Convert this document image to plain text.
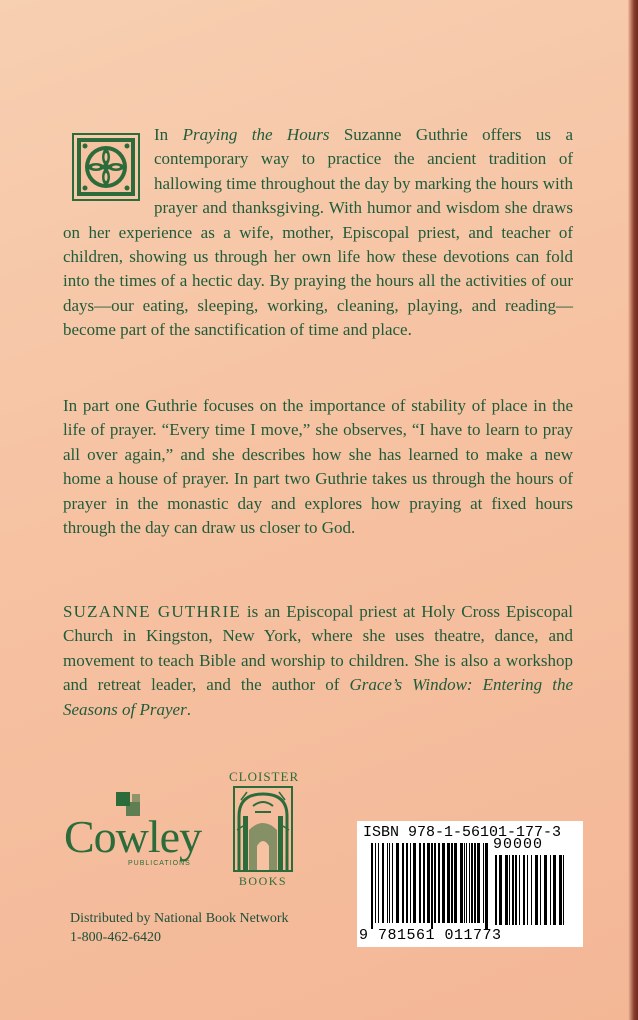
In Praying the Hours Suzanne Guthrie offers us a contemporary way to practice the ancient tradition of hallowing time throughout the day by marking the hours with prayer and thanksgiving. With humor and wisdom she draws on her experience as a wife, mother, Episcopal priest, and teacher of children, showing us through her own life how these devotions can fold into the times of a hectic day. By praying the hours all the activities of our days—our eating, sleeping, working, cleaning, playing, and reading—become part of the sanctification of time and place.

In part one Guthrie focuses on the importance of stability of place in the life of prayer. “Every time I move,” she observes, “I have to learn to pray all over again,” and she describes how she has learned to make a new home a house of prayer. In part two Guthrie takes us through the hours of prayer in the monastic day and explores how praying at fixed hours through the day can draw us closer to God.

SUZANNE GUTHRIE is an Episcopal priest at Holy Cross Episcopal Church in Kingston, New York, where she uses theatre, dance, and movement to teach Bible and worship to children. She is also a workshop and retreat leader, and the author of Grace’s Window: Entering the Seasons of Prayer.

Cowley
PUBLICATIONS
CLOISTER
BOOKS
Distributed by National Book Network
1-800-462-6420
ISBN 978-1-56101-177-3
90000
9 781561 011773
